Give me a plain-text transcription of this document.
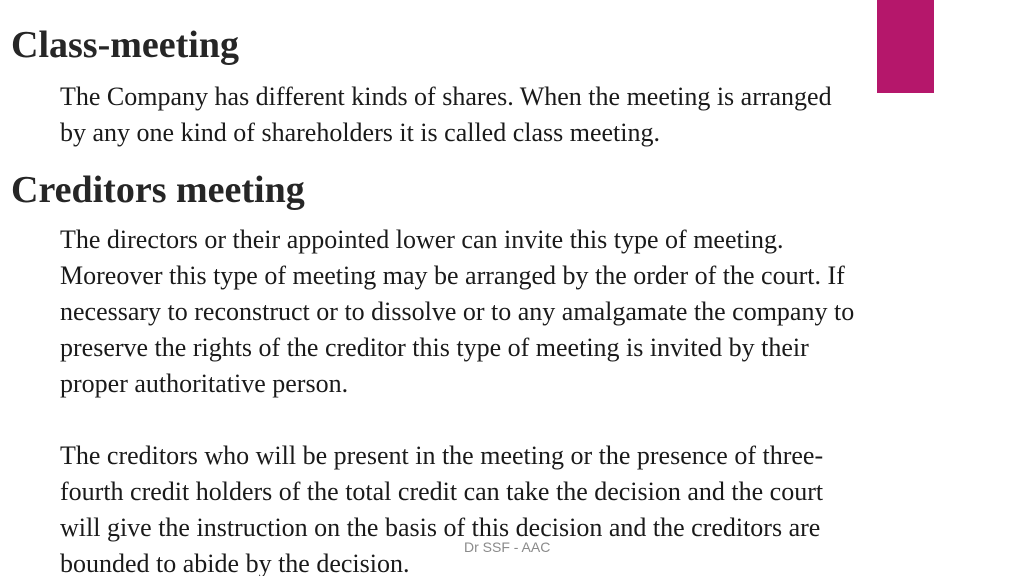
Class-meeting

The Company has different kinds of shares. When the meeting is arranged
by any one kind of shareholders it is called class meeting.

Creditors meeting

The directors or their appointed lower can invite this type of meeting.
Moreover this type of meeting may be arranged by the order of the court. If
necessary to reconstruct or to dissolve or to any amalgamate the company to
preserve the rights of the creditor this type of meeting is invited by their
proper authoritative person.

The creditors who will be present in the meeting or the presence of three-
fourth credit holders of the total credit can take the decision and the court
will give the instruction on the basis of this decision and the creditors are
bounded to abide by the decision.

Dr SSF - AAC
